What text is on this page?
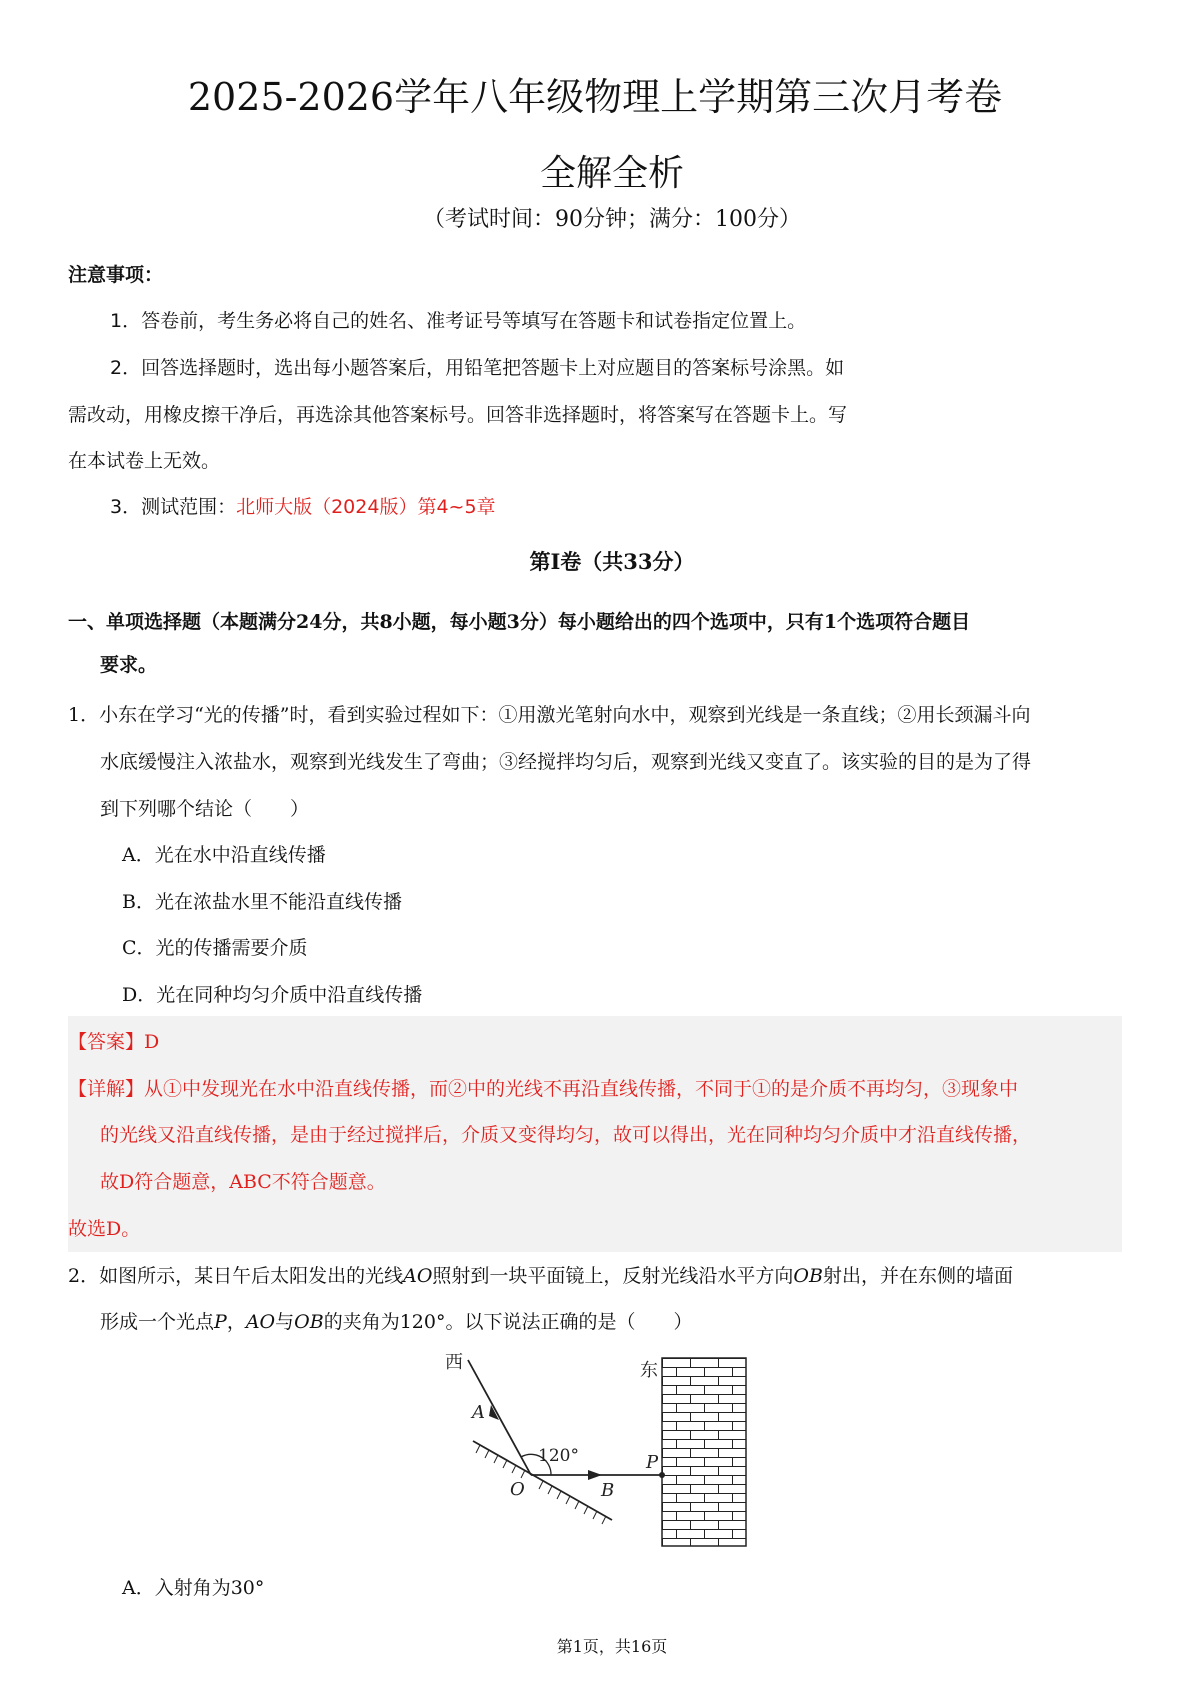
2025-2026学年八年级物理上学期第三次月考卷
全解全析
（考试时间：90分钟；满分：100分）
注意事项：
1．答卷前，考生务必将自己的姓名、准考证号等填写在答题卡和试卷指定位置上。
2．回答选择题时，选出每小题答案后，用铅笔把答题卡上对应题目的答案标号涂黑。如
需改动，用橡皮擦干净后，再选涂其他答案标号。回答非选择题时，将答案写在答题卡上。写
在本试卷上无效。
3．测试范围：北师大版（2024版）第4~5章
第Ⅰ卷（共33分）
一、单项选择题（本题满分24分，共8小题，每小题3分）每小题给出的四个选项中，只有1个选项符合题目
要求。
1．小东在学习“光的传播”时，看到实验过程如下：①用激光笔射向水中，观察到光线是一条直线；②用长颈漏斗向
水底缓慢注入浓盐水，观察到光线发生了弯曲；③经搅拌均匀后，观察到光线又变直了。该实验的目的是为了得
到下列哪个结论（　　）
A．光在水中沿直线传播
B．光在浓盐水里不能沿直线传播
C．光的传播需要介质
D．光在同种均匀介质中沿直线传播
【答案】D
【详解】从①中发现光在水中沿直线传播，而②中的光线不再沿直线传播，不同于①的是介质不再均匀，③现象中
的光线又沿直线传播，是由于经过搅拌后，介质又变得均匀，故可以得出，光在同种均匀介质中才沿直线传播，
故D符合题意，ABC不符合题意。
故选D。
2．如图所示，某日午后太阳发出的光线AO照射到一块平面镜上，反射光线沿水平方向OB射出，并在东侧的墙面
形成一个光点P，AO与OB的夹角为120°。以下说法正确的是（　　）
西	东
A
O	B
P
120°
A．入射角为30°
第1页，共16页
